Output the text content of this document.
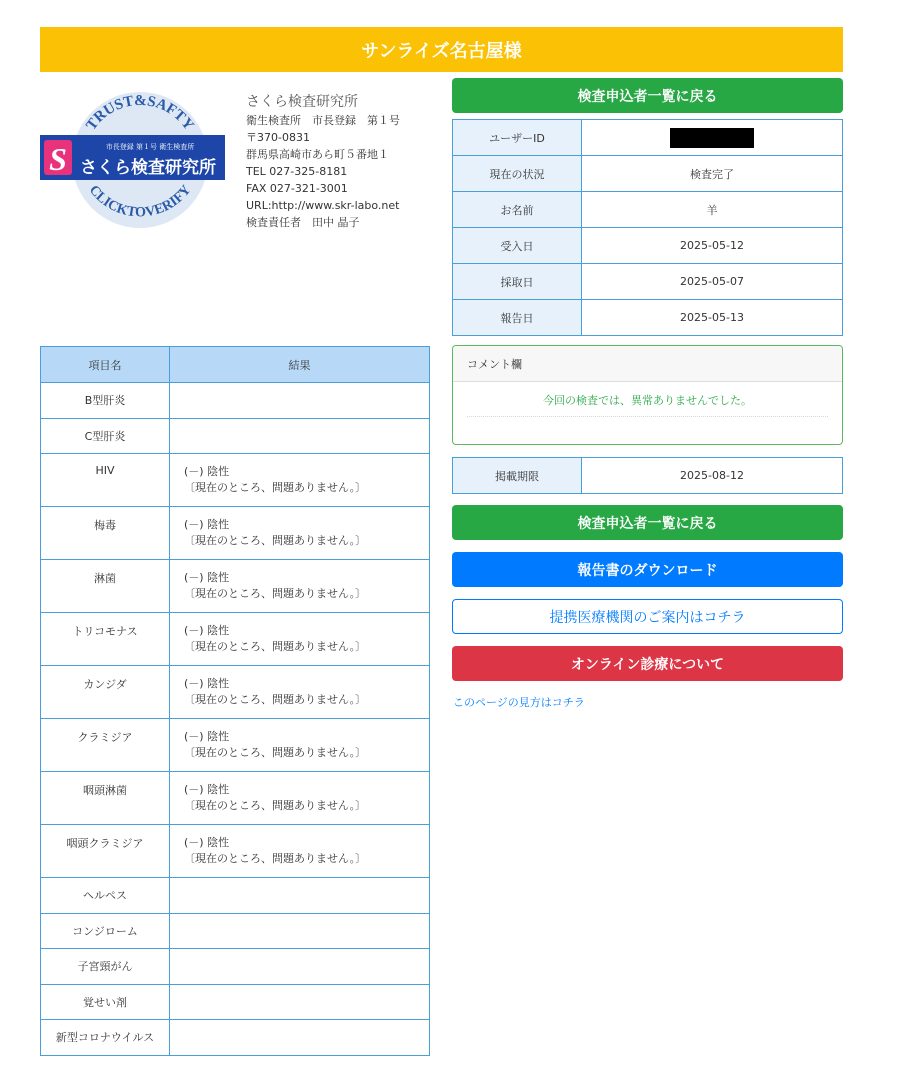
サンライズ名古屋様
TRUST&SAFTY
CLICKTOVERIFY
S	市長登録 第１号 衛生検査所
さくら検査研究所
さくら検査研究所
衛生検査所　市長登録　第１号
〒370-0831
群馬県高崎市あら町５番地１
TEL 027-325-8181
FAX 027-321-3001
URL:http://www.skr-labo.net
検査責任者　田中 晶子
検査申込者一覧に戻る
ユーザーID	
現在の状況	検査完了
お名前	羊
受入日	2025-05-12
採取日	2025-05-07
報告日	2025-05-13
項目名	結果
B型肝炎	
C型肝炎	
HIV	(－) 陰性
〔現在のところ、問題ありません。〕

梅毒	(－) 陰性
〔現在のところ、問題ありません。〕

淋菌	(－) 陰性
〔現在のところ、問題ありません。〕

トリコモナス	(－) 陰性
〔現在のところ、問題ありません。〕

カンジダ	(－) 陰性
〔現在のところ、問題ありません。〕

クラミジア	(－) 陰性
〔現在のところ、問題ありません。〕

咽頭淋菌	(－) 陰性
〔現在のところ、問題ありません。〕

咽頭クラミジア	(－) 陰性
〔現在のところ、問題ありません。〕

ヘルペス	
コンジローム	
子宮頸がん	
覚せい剤	
新型コロナウイルス	
コメント欄
今回の検査では、異常ありませんでした。
掲載期限	2025-08-12
検査申込者一覧に戻る
報告書のダウンロード
提携医療機関のご案内はコチラ
オンライン診療について
このページの見方はコチラ
